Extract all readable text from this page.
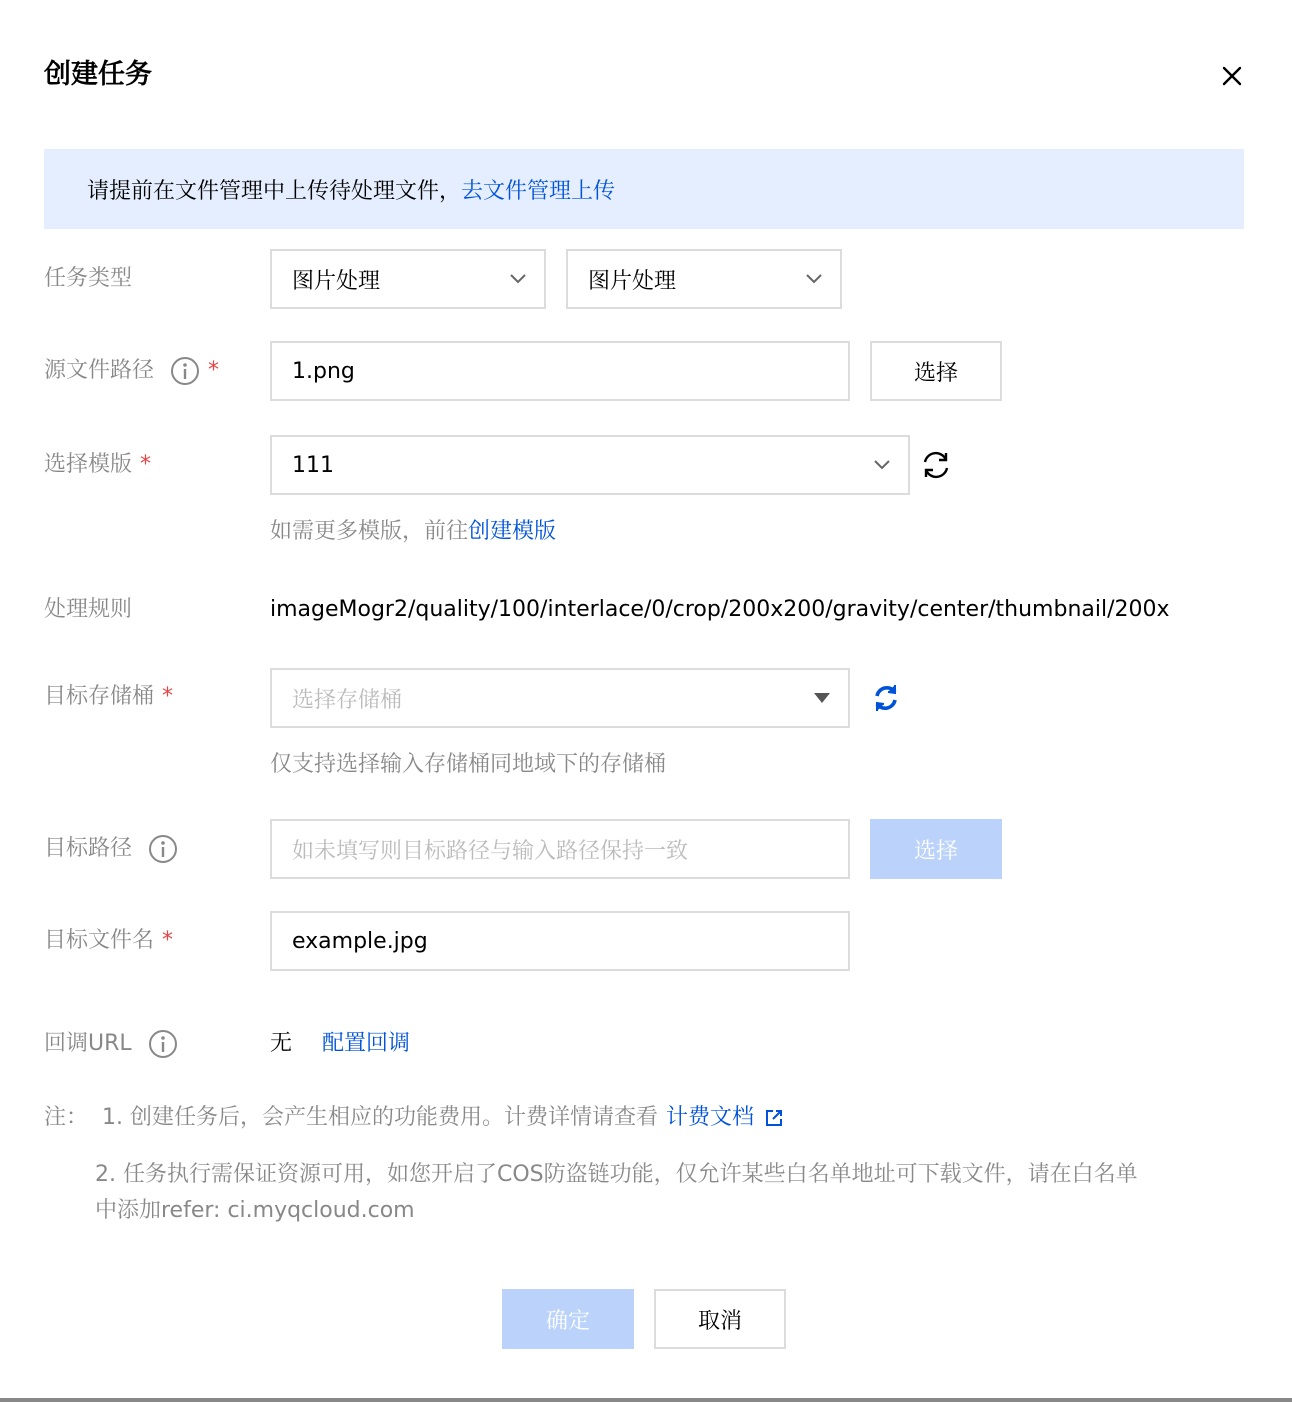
创建任务
请提前在文件管理中上传待处理文件， 去文件管理上传
任务类型	图片处理	图片处理
源文件路径 *	1.png	选择
选择模版 *	111
如需更多模版，前往创建模版
处理规则	imageMogr2/quality/100/interlace/0/crop/200x200/gravity/center/thumbnail/200x
目标存储桶 *	选择存储桶
仅支持选择输入存储桶同地域下的存储桶
目标路径	如未填写则目标路径与输入路径保持一致	选择
目标文件名 *	example.jpg
回调URL	无 配置回调
注： 1. 创建任务后，会产生相应的功能费用。计费详情请查看 计费文档
2. 任务执行需保证资源可用，如您开启了COS防盗链功能，仅允许某些白名单地址可下载文件，请在白名单
中添加refer: ci.myqcloud.com
确定	取消
